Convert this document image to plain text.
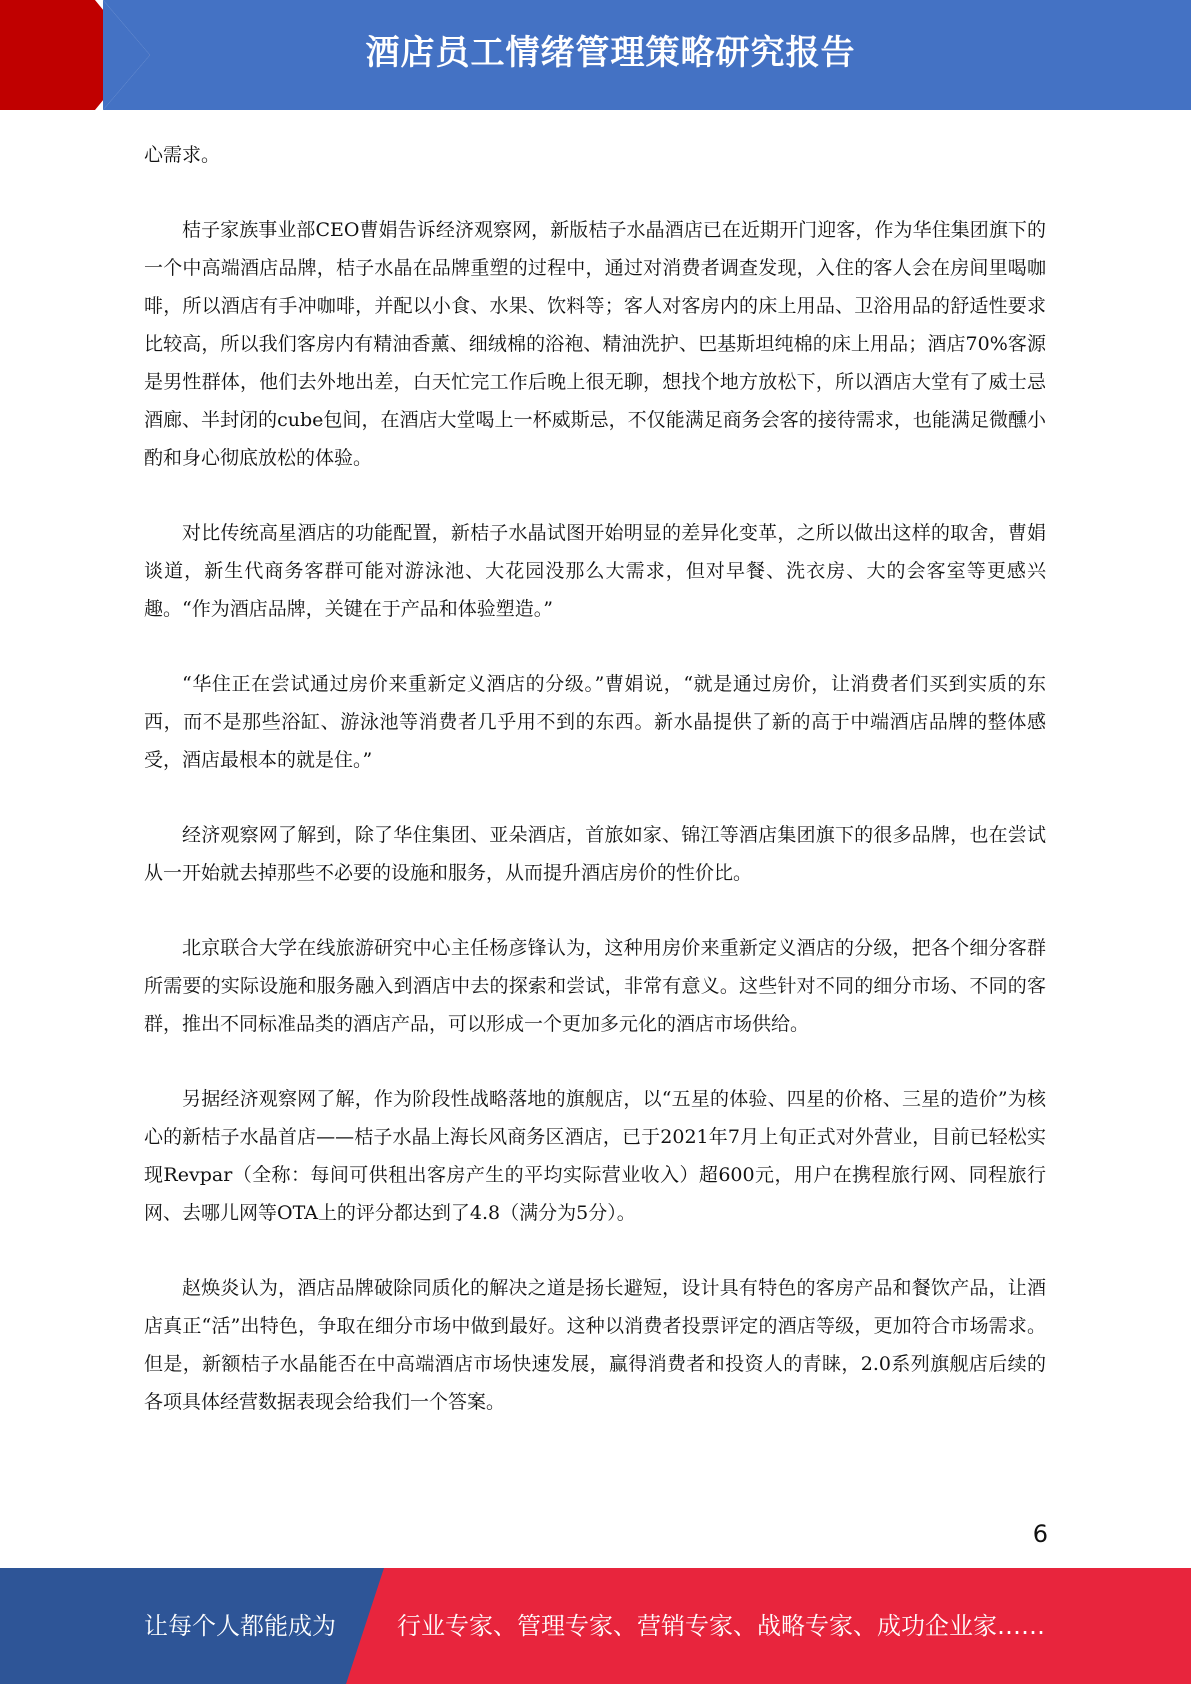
酒店员工情绪管理策略研究报告

心需求。

桔子家族事业部CEO曹娟告诉经济观察网，新版桔子水晶酒店已在近期开门迎客，作为华住集团旗下的一个中高端酒店品牌，桔子水晶在品牌重塑的过程中，通过对消费者调查发现，入住的客人会在房间里喝咖啡，所以酒店有手冲咖啡，并配以小食、水果、饮料等；客人对客房内的床上用品、卫浴用品的舒适性要求比较高，所以我们客房内有精油香薰、细绒棉的浴袍、精油洗护、巴基斯坦纯棉的床上用品；酒店70%客源是男性群体，他们去外地出差，白天忙完工作后晚上很无聊，想找个地方放松下，所以酒店大堂有了威士忌酒廊、半封闭的cube包间，在酒店大堂喝上一杯威斯忌，不仅能满足商务会客的接待需求，也能满足微醺小酌和身心彻底放松的体验。

对比传统高星酒店的功能配置，新桔子水晶试图开始明显的差异化变革，之所以做出这样的取舍，曹娟谈道，新生代商务客群可能对游泳池、大花园没那么大需求，但对早餐、洗衣房、大的会客室等更感兴趣。“作为酒店品牌，关键在于产品和体验塑造。”

“华住正在尝试通过房价来重新定义酒店的分级。”曹娟说，“就是通过房价，让消费者们买到实质的东西，而不是那些浴缸、游泳池等消费者几乎用不到的东西。新水晶提供了新的高于中端酒店品牌的整体感受，酒店最根本的就是住。”

经济观察网了解到，除了华住集团、亚朵酒店，首旅如家、锦江等酒店集团旗下的很多品牌，也在尝试从一开始就去掉那些不必要的设施和服务，从而提升酒店房价的性价比。

北京联合大学在线旅游研究中心主任杨彦锋认为，这种用房价来重新定义酒店的分级，把各个细分客群所需要的实际设施和服务融入到酒店中去的探索和尝试，非常有意义。这些针对不同的细分市场、不同的客群，推出不同标准品类的酒店产品，可以形成一个更加多元化的酒店市场供给。

另据经济观察网了解，作为阶段性战略落地的旗舰店，以“五星的体验、四星的价格、三星的造价”为核心的新桔子水晶首店——桔子水晶上海长风商务区酒店，已于2021年7月上旬正式对外营业，目前已轻松实现Revpar（全称：每间可供租出客房产生的平均实际营业收入）超600元，用户在携程旅行网、同程旅行网、去哪儿网等OTA上的评分都达到了4.8（满分为5分）。

赵焕炎认为，酒店品牌破除同质化的解决之道是扬长避短，设计具有特色的客房产品和餐饮产品，让酒店真正“活”出特色，争取在细分市场中做到最好。这种以消费者投票评定的酒店等级，更加符合市场需求。但是，新额桔子水晶能否在中高端酒店市场快速发展，赢得消费者和投资人的青睐，2.0系列旗舰店后续的各项具体经营数据表现会给我们一个答案。

6
让每个人都能成为	行业专家、管理专家、营销专家、战略专家、成功企业家……
